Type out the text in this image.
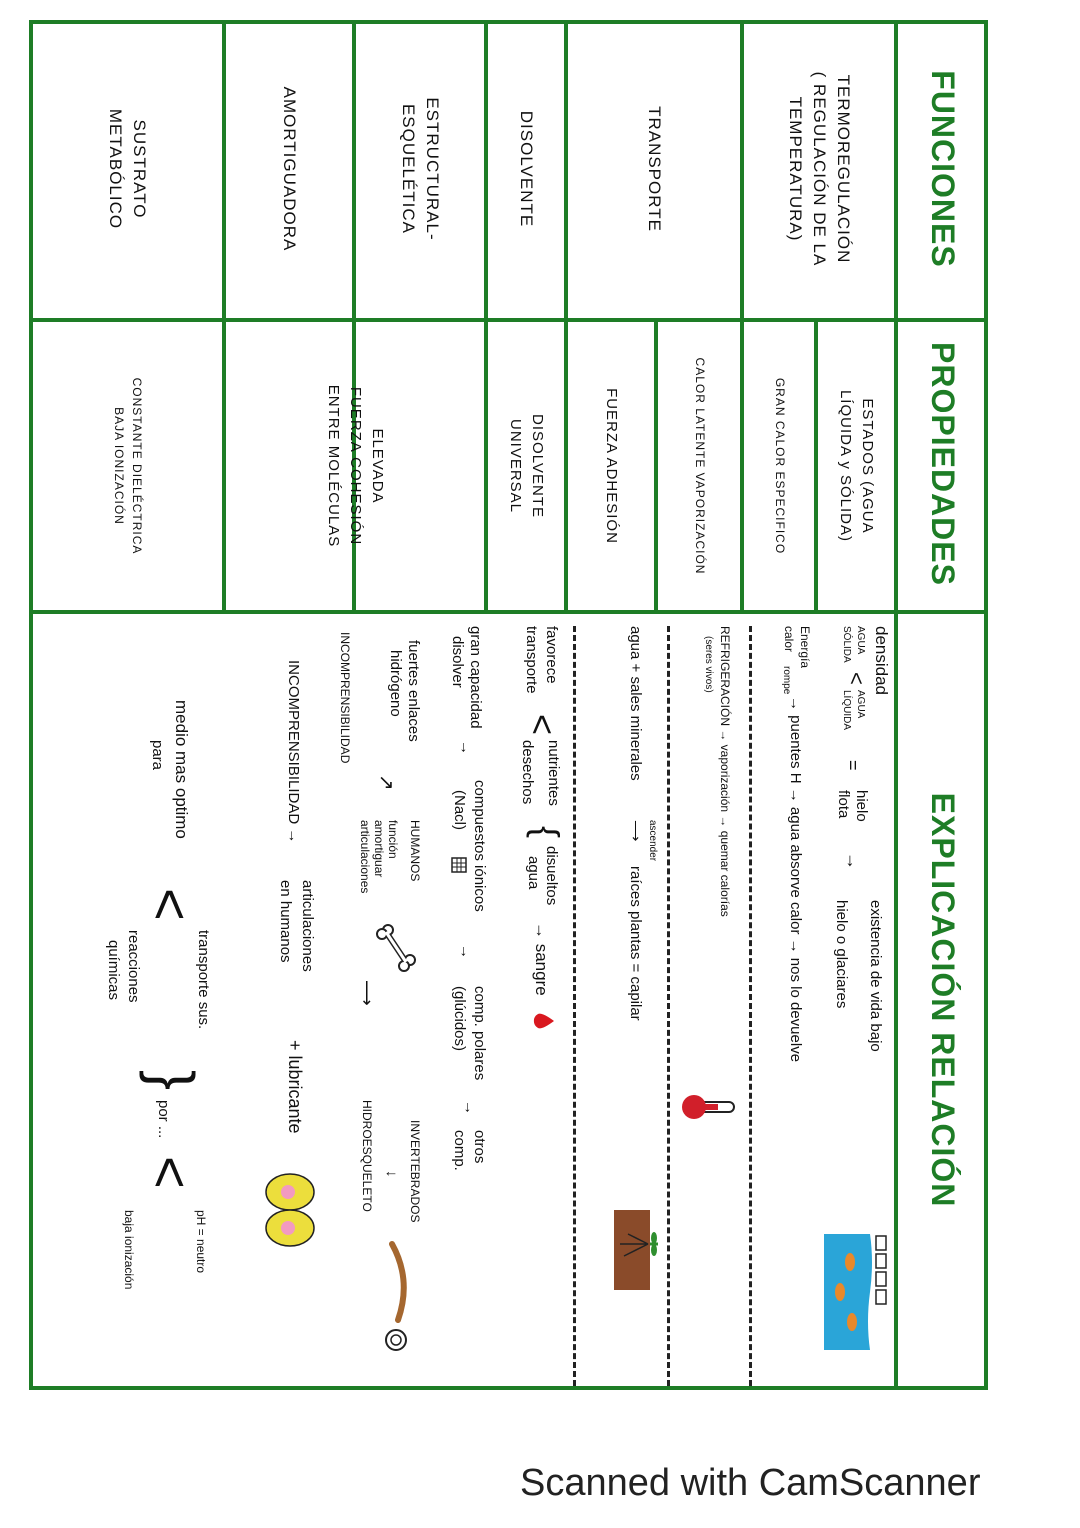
FUNCIONES
PROPIEDADES
EXPLICACIÓN RELACIÓN
TERMOREGULACIÓN
( REGULACIÓN DE LA
TEMPERATURA)
TRANSPORTE
DISOLVENTE
ESTRUCTURAL-
ESQUELÉTICA
AMORTIGUADORA
SUSTRATO
METABÓLICO
ESTADOS (AGUA
LÍQUIDA y SÓLIDA)
GRAN CALOR ESPECIFICO
CALOR LATENTE VAPORIZACIÓN
FUERZA ADHESIÓN
DISOLVENTE
UNIVERSAL
ELEVADA
FUERZA COHESIÓN
ENTRE MOLÉCULAS
CONSTANTE DIELÉCTRICA
BAJA IONIZACIÓN
densidad
AGUA
SÓLIDA
<
AGUA
LÍQUIDA
=
hielo
flota
→
existencia de vida bajo
hielo o glaciares
Energía
calor
rompe
→ puentes H → agua absorve calor → nos lo devuelve
REFRIGERACIÓN → vaporización → quemar calorías
(seres vivos)
agua + sales minerales
ascender
⟶
raíces plantas = capilar
favorece
transporte
<
nutrientes
desechos
{
disueltos
agua
→ sangre
gran capacidad
disolver
→
compuestos iónicos
(Nacl)
→
comp. polares
(glúcidos)
→
otros
comp.
fuertes enlaces
hidrógeno
INCOMPRENSIBILIDAD
↗
HUMANOS
función
amortiguar
articulaciones
⟶
INVERTEBRADOS
↓
HIDROESQUELETO
INCOMPRENSIBILIDAD →
articulaciones
en humanos
+ lubricante
medio mas optimo
para
<
transporte sus.
reacciones
químicas
}
por ...
<
pH = neutro
baja ionización
Scanned with CamScanner
